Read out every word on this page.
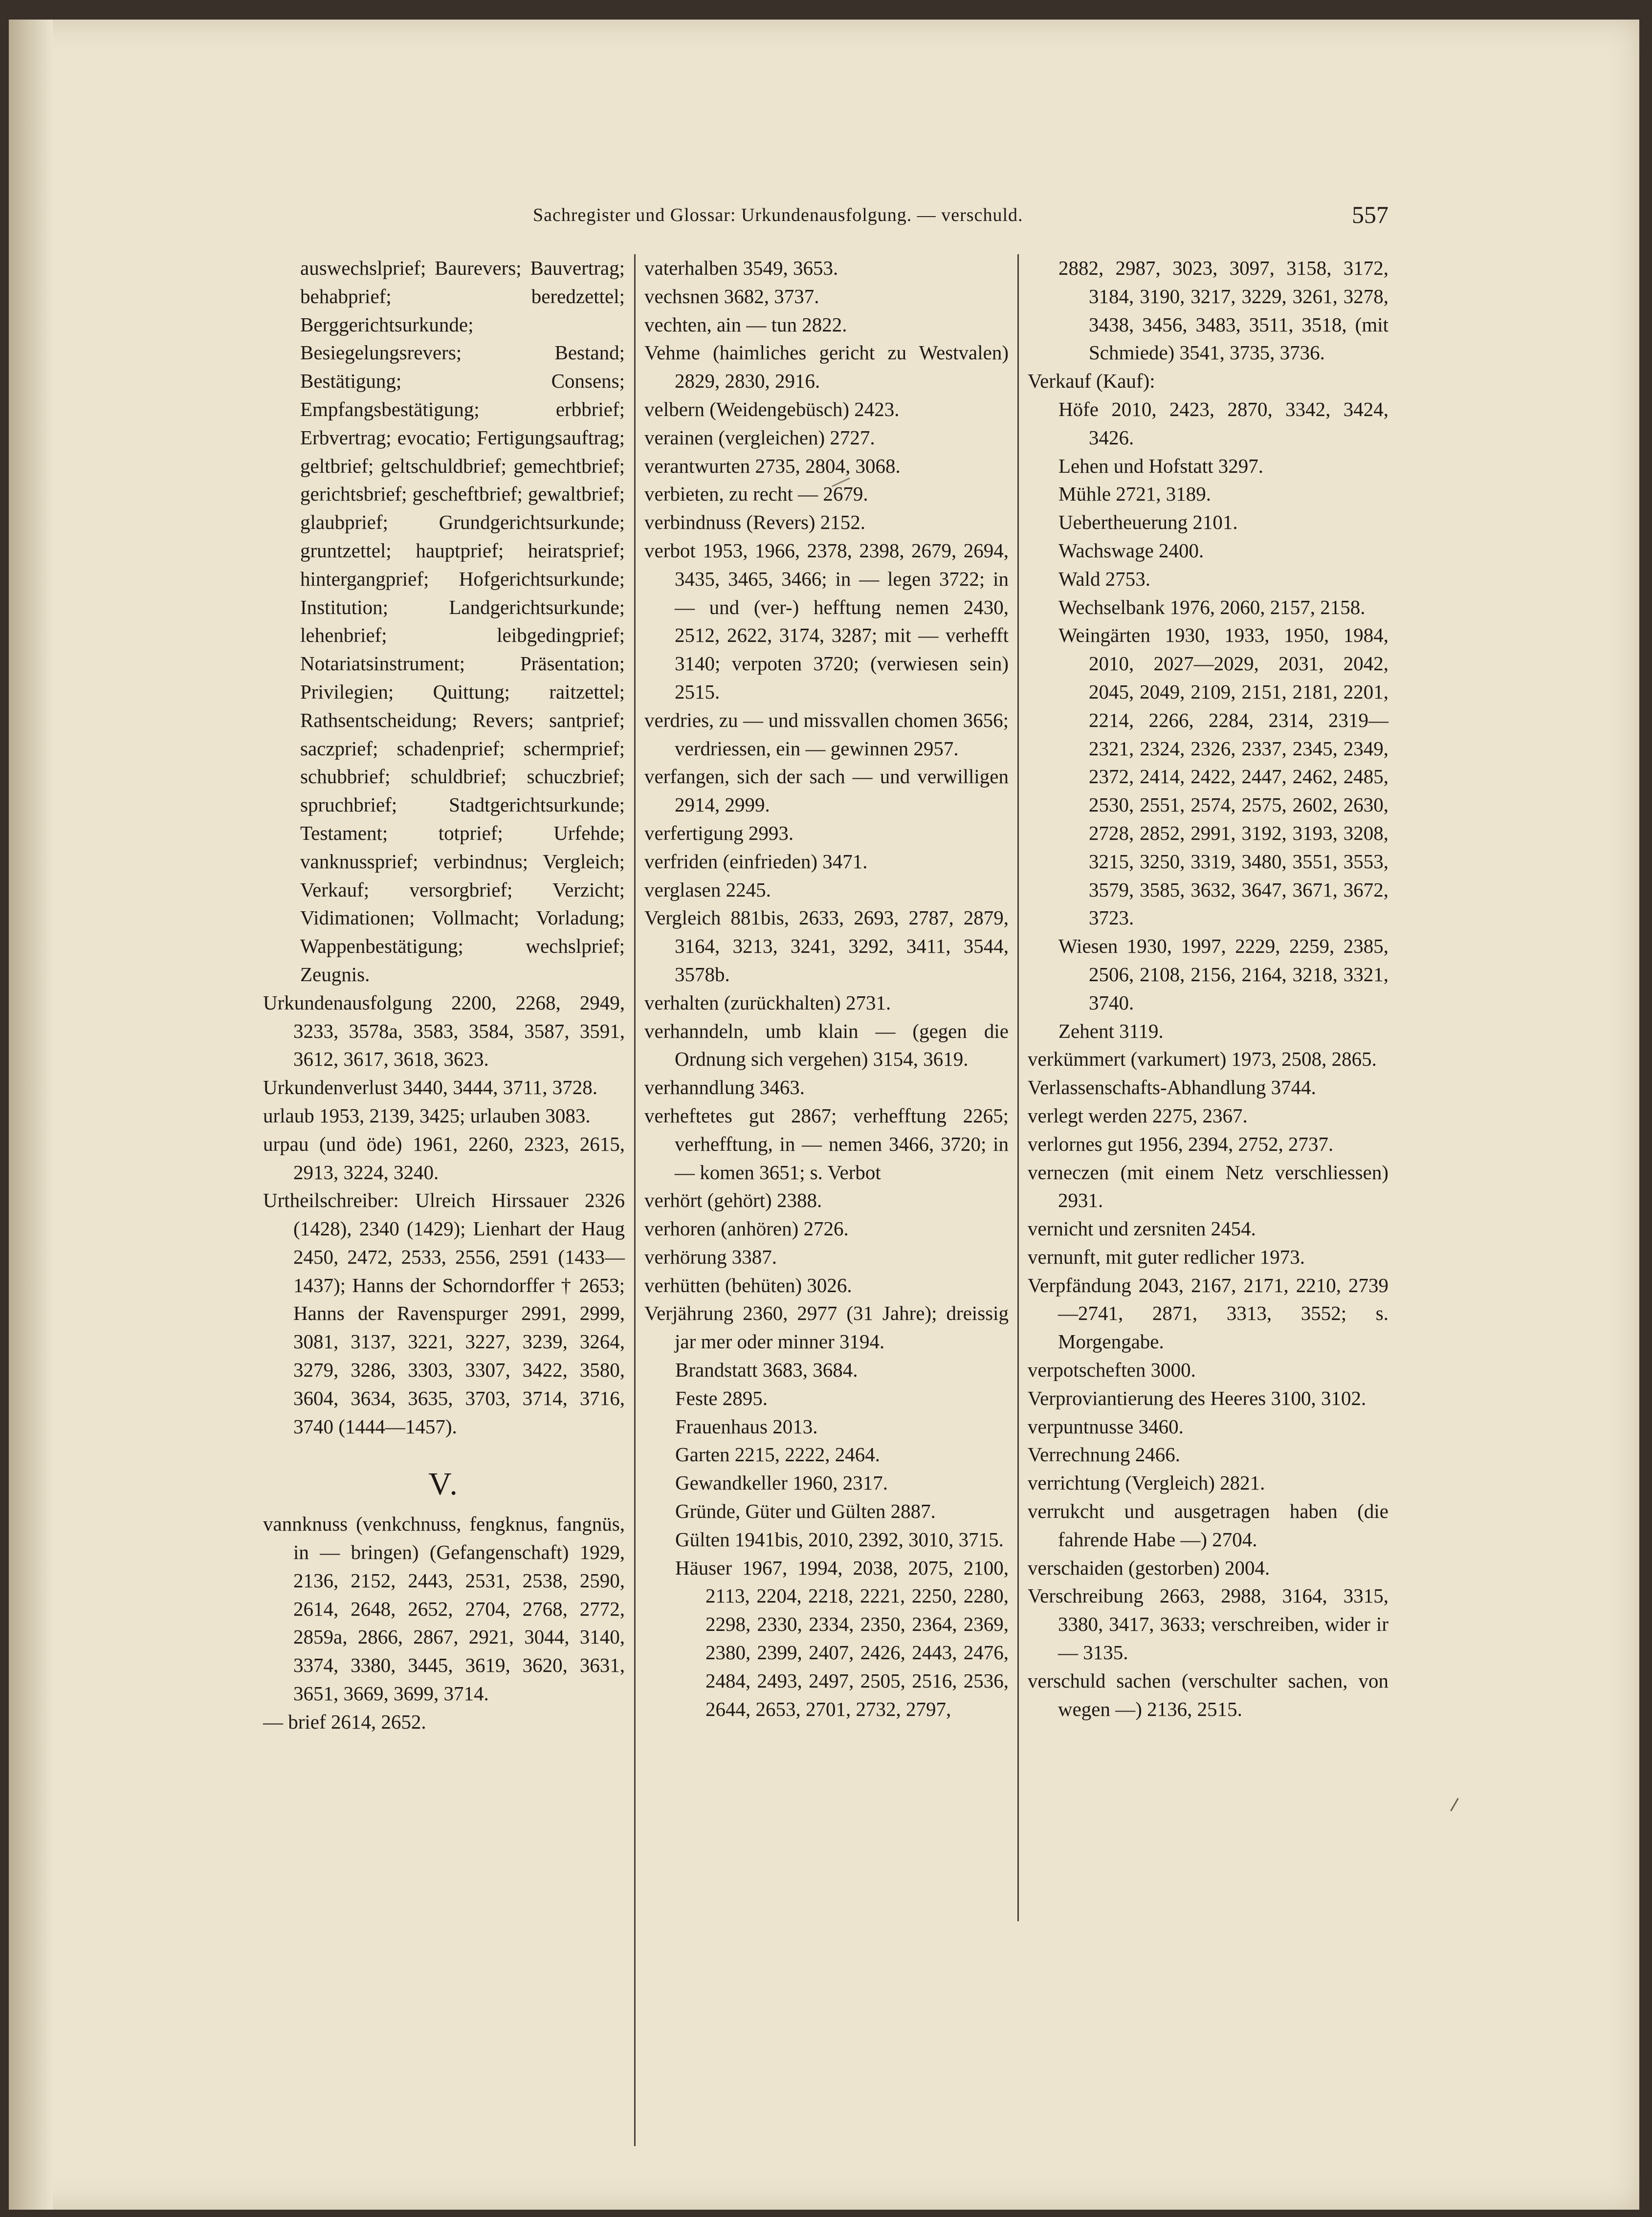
Sachregister und Glossar: Urkundenausfolgung. — verschuld.	557

auswechslprief; Baurevers; Bauvertrag; behabprief; beredzettel; Berggerichtsurkunde; Besiegelungsrevers; Bestand; Bestätigung; Consens; Empfangsbestätigung; erbbrief; Erbvertrag; evocatio; Fertigungsauftrag; geltbrief; geltschuldbrief; gemechtbrief; gerichtsbrief; gescheftbrief; gewaltbrief; glaubprief; Grundgerichtsurkunde; gruntzettel; hauptprief; heiratsprief; hintergangprief; Hofgerichtsurkunde; Institution; Landgerichtsurkunde; lehenbrief; leibgedingprief; Notariatsinstrument; Präsentation; Privilegien; Quittung; raitzettel; Rathsentscheidung; Revers; santprief; saczprief; schadenprief; schermprief; schubbrief; schuldbrief; schuczbrief; spruchbrief; Stadtgerichtsurkunde; Testament; totprief; Urfehde; vanknussprief; verbindnus; Vergleich; Verkauf; versorgbrief; Verzicht; Vidimationen; Vollmacht; Vorladung; Wappenbestätigung; wechslprief; Zeugnis.

Urkundenausfolgung 2200, 2268, 2949, 3233, 3578a, 3583, 3584, 3587, 3591, 3612, 3617, 3618, 3623.

Urkundenverlust 3440, 3444, 3711, 3728.

urlaub 1953, 2139, 3425; urlauben 3083.

urpau (und öde) 1961, 2260, 2323, 2615, 2913, 3224, 3240.

Urtheilschreiber: Ulreich Hirssauer 2326 (1428), 2340 (1429); Lienhart der Haug 2450, 2472, 2533, 2556, 2591 (1433—1437); Hanns der Schorndorffer † 2653; Hanns der Ravenspurger 2991, 2999, 3081, 3137, 3221, 3227, 3239, 3264, 3279, 3286, 3303, 3307, 3422, 3580, 3604, 3634, 3635, 3703, 3714, 3716, 3740 (1444—1457).

V.

vannknuss (venkchnuss, fengknus, fangnüs, in — bringen) (Gefangenschaft) 1929, 2136, 2152, 2443, 2531, 2538, 2590, 2614, 2648, 2652, 2704, 2768, 2772, 2859a, 2866, 2867, 2921, 3044, 3140, 3374, 3380, 3445, 3619, 3620, 3631, 3651, 3669, 3699, 3714.

— brief 2614, 2652.

vaterhalben 3549, 3653.

vechsnen 3682, 3737.

vechten, ain — tun 2822.

Vehme (haimliches gericht zu Westvalen) 2829, 2830, 2916.

velbern (Weidengebüsch) 2423.

verainen (vergleichen) 2727.

verantwurten 2735, 2804, 3068.

verbieten, zu recht — 2679.

verbindnuss (Revers) 2152.

verbot 1953, 1966, 2378, 2398, 2679, 2694, 3435, 3465, 3466; in — legen 3722; in — und (ver-) hefftung nemen 2430, 2512, 2622, 3174, 3287; mit — verhefft 3140; verpoten 3720; (verwiesen sein) 2515.

verdries, zu — und missvallen chomen 3656; verdriessen, ein — gewinnen 2957.

verfangen, sich der sach — und verwilligen 2914, 2999.

verfertigung 2993.

verfriden (einfrieden) 3471.

verglasen 2245.

Vergleich 881bis, 2633, 2693, 2787, 2879, 3164, 3213, 3241, 3292, 3411, 3544, 3578b.

verhalten (zurückhalten) 2731.

verhanndeln, umb klain — (gegen die Ordnung sich vergehen) 3154, 3619.

verhanndlung 3463.

verheftetes gut 2867; verhefftung 2265; verhefftung, in — nemen 3466, 3720; in — komen 3651; s. Verbot

verhört (gehört) 2388.

verhoren (anhören) 2726.

verhörung 3387.

verhütten (behüten) 3026.

Verjährung 2360, 2977 (31 Jahre); dreissig jar mer oder minner 3194.

Brandstatt 3683, 3684.

Feste 2895.

Frauenhaus 2013.

Garten 2215, 2222, 2464.

Gewandkeller 1960, 2317.

Gründe, Güter und Gülten 2887.

Gülten 1941bis, 2010, 2392, 3010, 3715.

Häuser 1967, 1994, 2038, 2075, 2100, 2113, 2204, 2218, 2221, 2250, 2280, 2298, 2330, 2334, 2350, 2364, 2369, 2380, 2399, 2407, 2426, 2443, 2476, 2484, 2493, 2497, 2505, 2516, 2536, 2644, 2653, 2701, 2732, 2797,

2882, 2987, 3023, 3097, 3158, 3172, 3184, 3190, 3217, 3229, 3261, 3278, 3438, 3456, 3483, 3511, 3518, (mit Schmiede) 3541, 3735, 3736.

Verkauf (Kauf):

Höfe 2010, 2423, 2870, 3342, 3424, 3426.

Lehen und Hofstatt 3297.

Mühle 2721, 3189.

Uebertheuerung 2101.

Wachswage 2400.

Wald 2753.

Wechselbank 1976, 2060, 2157, 2158.

Weingärten 1930, 1933, 1950, 1984, 2010, 2027—2029, 2031, 2042, 2045, 2049, 2109, 2151, 2181, 2201, 2214, 2266, 2284, 2314, 2319—2321, 2324, 2326, 2337, 2345, 2349, 2372, 2414, 2422, 2447, 2462, 2485, 2530, 2551, 2574, 2575, 2602, 2630, 2728, 2852, 2991, 3192, 3193, 3208, 3215, 3250, 3319, 3480, 3551, 3553, 3579, 3585, 3632, 3647, 3671, 3672, 3723.

Wiesen 1930, 1997, 2229, 2259, 2385, 2506, 2108, 2156, 2164, 3218, 3321, 3740.

Zehent 3119.

verkümmert (varkumert) 1973, 2508, 2865.

Verlassenschafts-Abhandlung 3744.

verlegt werden 2275, 2367.

verlornes gut 1956, 2394, 2752, 2737.

verneczen (mit einem Netz verschliessen) 2931.

vernicht und zersniten 2454.

vernunft, mit guter redlicher 1973.

Verpfändung 2043, 2167, 2171, 2210, 2739—2741, 2871, 3313, 3552; s. Morgengabe.

verpotscheften 3000.

Verproviantierung des Heeres 3100, 3102.

verpuntnusse 3460.

Verrechnung 2466.

verrichtung (Vergleich) 2821.

verrukcht und ausgetragen haben (die fahrende Habe —) 2704.

verschaiden (gestorben) 2004.

Verschreibung 2663, 2988, 3164, 3315, 3380, 3417, 3633; verschreiben, wider ir — 3135.

verschuld sachen (verschulter sachen, von wegen —) 2136, 2515.
